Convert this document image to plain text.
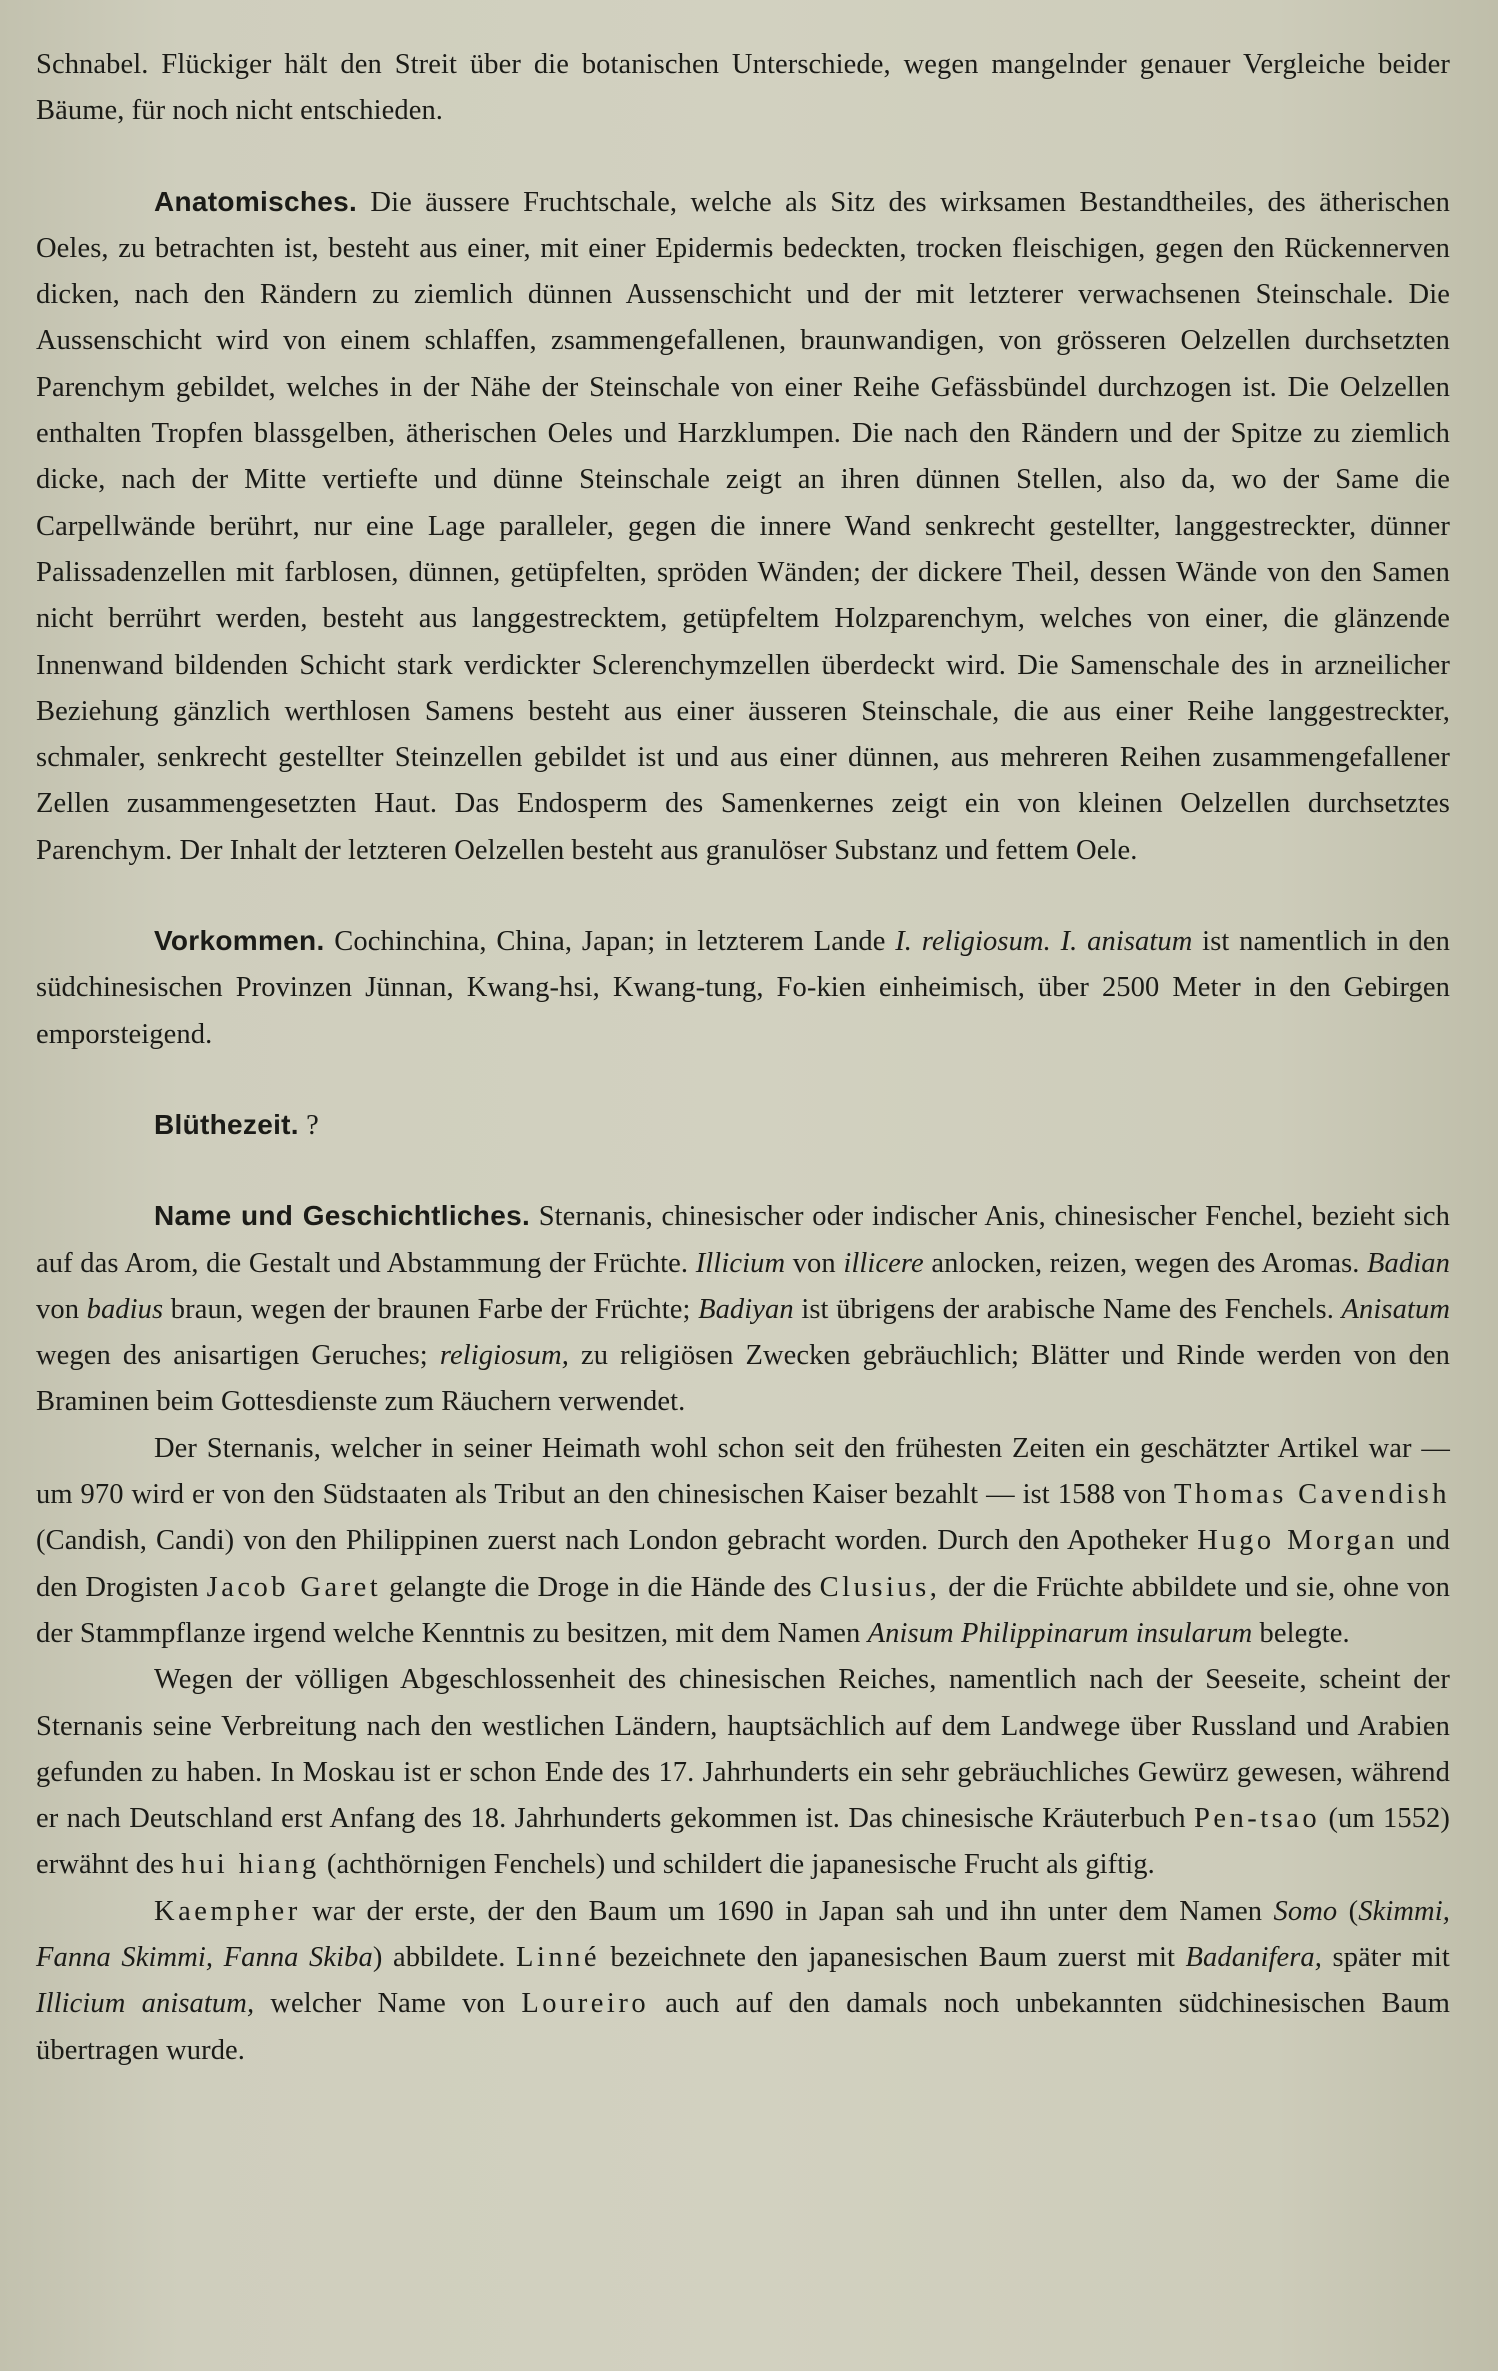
Schnabel. Flückiger hält den Streit über die botanischen Unterschiede, wegen mangelnder genauer Vergleiche beider Bäume, für noch nicht entschieden.

Anatomisches. Die äussere Fruchtschale, welche als Sitz des wirksamen Bestandtheiles, des ätherischen Oeles, zu betrachten ist, besteht aus einer, mit einer Epidermis bedeckten, trocken fleischigen, gegen den Rückennerven dicken, nach den Rändern zu ziemlich dünnen Aussenschicht und der mit letzterer verwachsenen Steinschale. Die Aussenschicht wird von einem schlaffen, zsammengefallenen, braunwandigen, von grösseren Oelzellen durchsetzten Parenchym gebildet, welches in der Nähe der Steinschale von einer Reihe Gefässbündel durchzogen ist. Die Oelzellen enthalten Tropfen blassgelben, ätherischen Oeles und Harzklumpen. Die nach den Rändern und der Spitze zu ziemlich dicke, nach der Mitte vertiefte und dünne Steinschale zeigt an ihren dünnen Stellen, also da, wo der Same die Carpellwände berührt, nur eine Lage paralleler, gegen die innere Wand senkrecht gestellter, langgestreckter, dünner Palissadenzellen mit farblosen, dünnen, getüpfelten, spröden Wänden; der dickere Theil, dessen Wände von den Samen nicht berrührt werden, besteht aus langgestrecktem, getüpfeltem Holzparenchym, welches von einer, die glänzende Innenwand bildenden Schicht stark verdickter Sclerenchymzellen überdeckt wird. Die Samenschale des in arzneilicher Beziehung gänzlich werthlosen Samens besteht aus einer äusseren Steinschale, die aus einer Reihe langgestreckter, schmaler, senkrecht gestellter Steinzellen gebildet ist und aus einer dünnen, aus mehreren Reihen zusammengefallener Zellen zusammengesetzten Haut. Das Endosperm des Samenkernes zeigt ein von kleinen Oelzellen durchsetztes Parenchym. Der Inhalt der letzteren Oelzellen besteht aus granulöser Substanz und fettem Oele.

Vorkommen. Cochinchina, China, Japan; in letzterem Lande I. religiosum. I. anisatum ist namentlich in den südchinesischen Provinzen Jünnan, Kwang-hsi, Kwang-tung, Fo-kien einheimisch, über 2500 Meter in den Gebirgen emporsteigend.

Blüthezeit. ?

Name und Geschichtliches. Sternanis, chinesischer oder indischer Anis, chinesischer Fenchel, bezieht sich auf das Arom, die Gestalt und Abstammung der Früchte. Illicium von illicere anlocken, reizen, wegen des Aromas. Badian von badius braun, wegen der braunen Farbe der Früchte; Badiyan ist übrigens der arabische Name des Fenchels. Anisatum wegen des anisartigen Geruches; religiosum, zu religiösen Zwecken gebräuchlich; Blätter und Rinde werden von den Braminen beim Gottesdienste zum Räuchern verwendet.

Der Sternanis, welcher in seiner Heimath wohl schon seit den frühesten Zeiten ein geschätzter Artikel war — um 970 wird er von den Südstaaten als Tribut an den chinesischen Kaiser bezahlt — ist 1588 von Thomas Cavendish (Candish, Candi) von den Philippinen zuerst nach London gebracht worden. Durch den Apotheker Hugo Morgan und den Drogisten Jacob Garet gelangte die Droge in die Hände des Clusius, der die Früchte abbildete und sie, ohne von der Stammpflanze irgend welche Kenntnis zu besitzen, mit dem Namen Anisum Philippinarum insularum belegte.

Wegen der völligen Abgeschlossenheit des chinesischen Reiches, namentlich nach der Seeseite, scheint der Sternanis seine Verbreitung nach den westlichen Ländern, hauptsächlich auf dem Landwege über Russland und Arabien gefunden zu haben. In Moskau ist er schon Ende des 17. Jahrhunderts ein sehr gebräuchliches Gewürz gewesen, während er nach Deutschland erst Anfang des 18. Jahrhunderts gekommen ist. Das chinesische Kräuterbuch Pen-tsao (um 1552) erwähnt des hui hiang (achthörnigen Fenchels) und schildert die japanesische Frucht als giftig.

Kaempher war der erste, der den Baum um 1690 in Japan sah und ihn unter dem Namen Somo (Skimmi, Fanna Skimmi, Fanna Skiba) abbildete. Linné bezeichnete den japanesischen Baum zuerst mit Badanifera, später mit Illicium anisatum, welcher Name von Loureiro auch auf den damals noch unbekannten südchinesischen Baum übertragen wurde.
